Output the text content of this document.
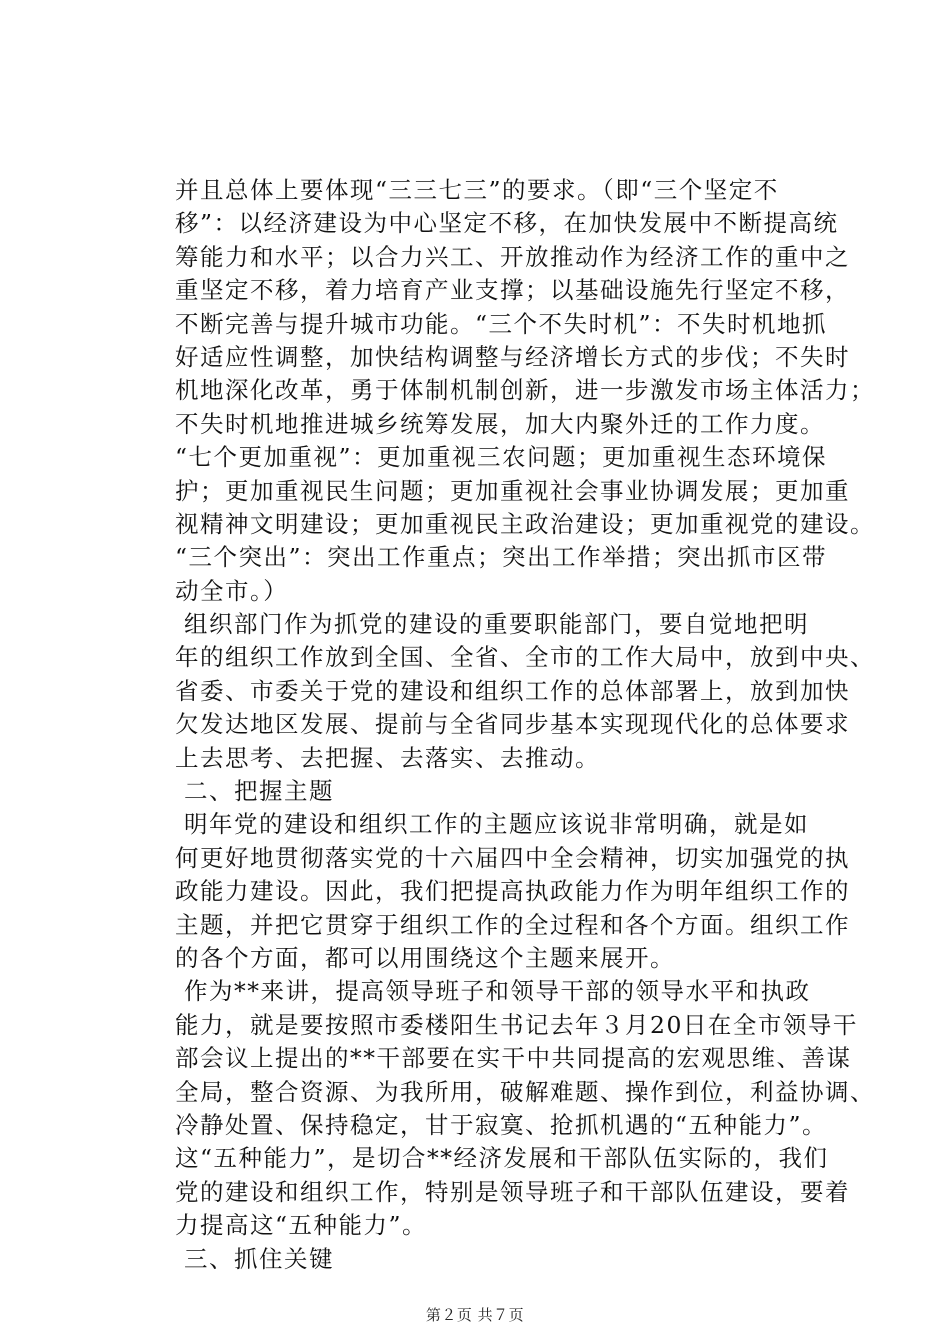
并且总体上要体现“三三七三”的要求。（即“三个坚定不
移”：以经济建设为中心坚定不移，在加快发展中不断提高统
筹能力和水平；以合力兴工、开放推动作为经济工作的重中之
重坚定不移，着力培育产业支撑；以基础设施先行坚定不移，
不断完善与提升城市功能。“三个不失时机”：不失时机地抓
好适应性调整，加快结构调整与经济增长方式的步伐；不失时
机地深化改革，勇于体制机制创新，进一步激发市场主体活力；
不失时机地推进城乡统筹发展，加大内聚外迁的工作力度。
“七个更加重视”：更加重视三农问题；更加重视生态环境保
护；更加重视民生问题；更加重视社会事业协调发展；更加重
视精神文明建设；更加重视民主政治建设；更加重视党的建设。
“三个突出”：突出工作重点；突出工作举措；突出抓市区带
动全市。）
组织部门作为抓党的建设的重要职能部门，要自觉地把明
年的组织工作放到全国、全省、全市的工作大局中，放到中央、
省委、市委关于党的建设和组织工作的总体部署上，放到加快
欠发达地区发展、提前与全省同步基本实现现代化的总体要求
上去思考、去把握、去落实、去推动。
二、把握主题
明年党的建设和组织工作的主题应该说非常明确，就是如
何更好地贯彻落实党的十六届四中全会精神，切实加强党的执
政能力建设。因此，我们把提高执政能力作为明年组织工作的
主题，并把它贯穿于组织工作的全过程和各个方面。组织工作
的各个方面，都可以用围绕这个主题来展开。
作为**来讲，提高领导班子和领导干部的领导水平和执政
能力，就是要按照市委楼阳生书记去年３月20日在全市领导干
部会议上提出的**干部要在实干中共同提高的宏观思维、善谋
全局，整合资源、为我所用，破解难题、操作到位，利益协调、
冷静处置、保持稳定，甘于寂寞、抢抓机遇的“五种能力”。
这“五种能力”，是切合**经济发展和干部队伍实际的，我们
党的建设和组织工作，特别是领导班子和干部队伍建设，要着
力提高这“五种能力”。
三、抓住关键
第２页 共７页
